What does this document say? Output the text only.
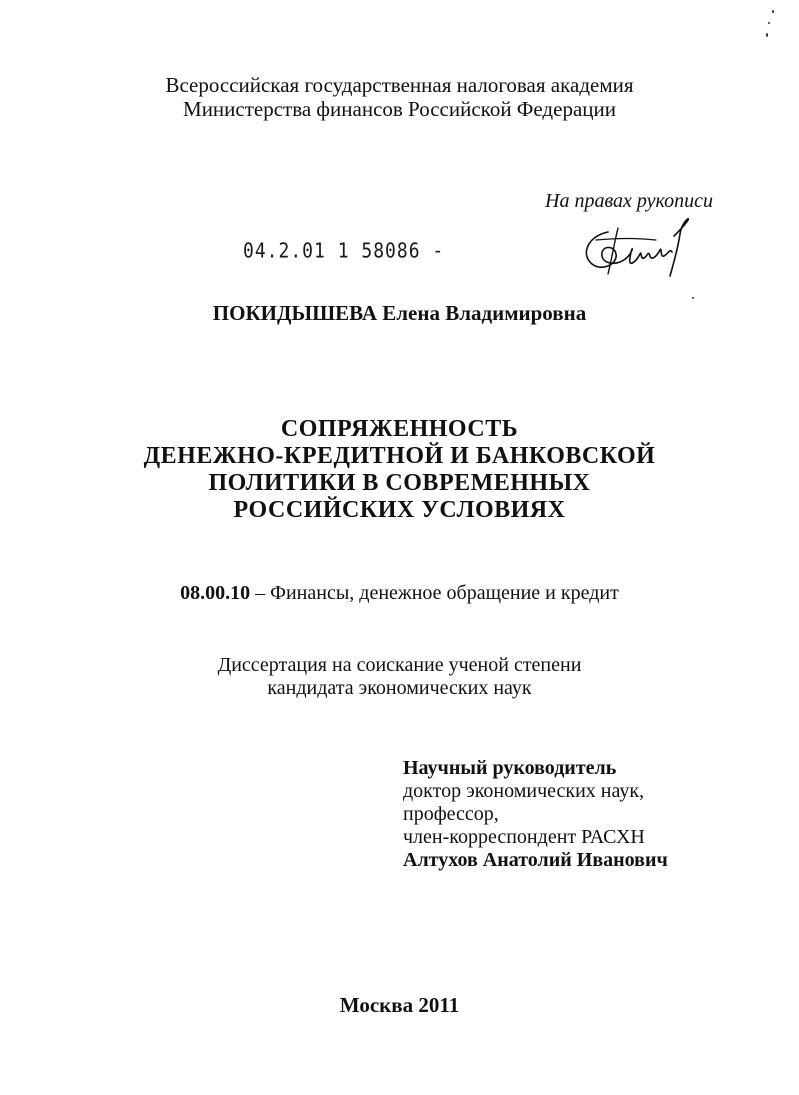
Всероссийская государственная налоговая академия
Министерства финансов Российской Федерации
На правах рукописи
04.2.01 1 58086 -
ПОКИДЫШЕВА Елена Владимировна
СОПРЯЖЕННОСТЬ
ДЕНЕЖНО-КРЕДИТНОЙ И БАНКОВСКОЙ
ПОЛИТИКИ В СОВРЕМЕННЫХ
РОССИЙСКИХ УСЛОВИЯХ
08.00.10 – Финансы, денежное обращение и кредит
Диссертация на соискание ученой степени
кандидата экономических наук
Научный руководитель
доктор экономических наук,
профессор,
член-корреспондент РАСХН
Алтухов Анатолий Иванович
Москва 2011
